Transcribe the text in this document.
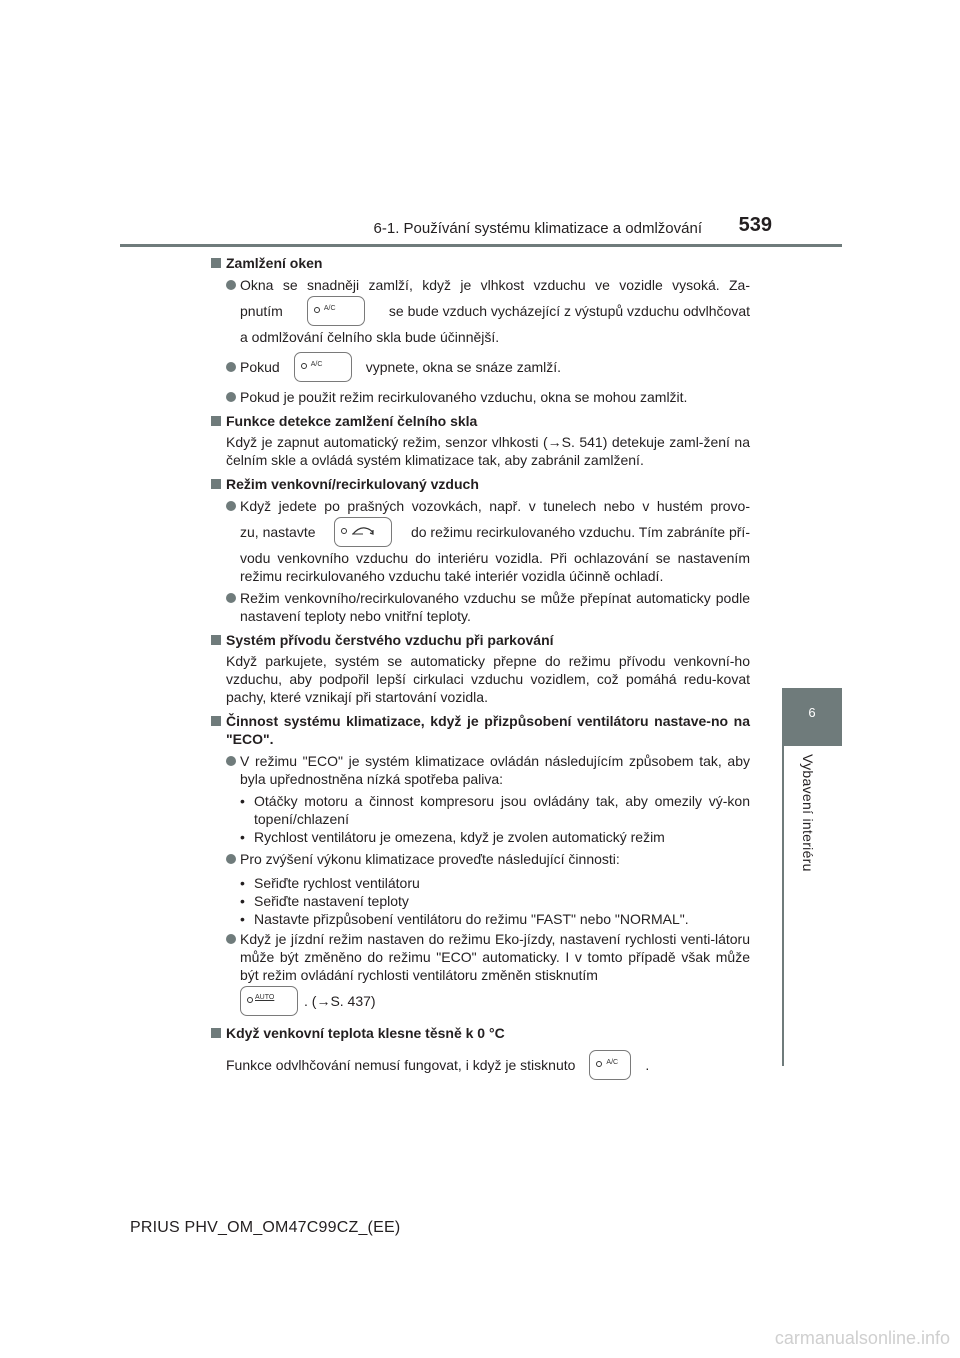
6-1. Používání systému klimatizace a odmlžování 539
6
Vybavení interiéru
Zamlžení oken
Okna se snadněji zamlží, když je vlhkost vzduchu ve vozidle vysoká. Za-
pnutím	A/C	se bude vzduch vycházející z výstupů vzduchu odvlhčovat
a odmlžování čelního skla bude účinnější.
Pokud	A/C	vypnete, okna se snáze zamlží.
Pokud je použit režim recirkulovaného vzduchu, okna se mohou zamlžit.
Funkce detekce zamlžení čelního skla
Když je zapnut automatický režim, senzor vlhkosti (→S. 541) detekuje zaml-žení na čelním skle a ovládá systém klimatizace tak, aby zabránil zamlžení.
Režim venkovní/recirkulovaný vzduch
Když jedete po prašných vozovkách, např. v tunelech nebo v hustém provo-
zu, nastavte	do režimu recirkulovaného vzduchu. Tím zabráníte pří-
vodu venkovního vzduchu do interiéru vozidla. Při ochlazování se nastavením režimu recirkulovaného vzduchu také interiér vozidla účinně ochladí.
Režim venkovního/recirkulovaného vzduchu se může přepínat automaticky podle nastavení teploty nebo vnitřní teploty.
Systém přívodu čerstvého vzduchu při parkování
Když parkujete, systém se automaticky přepne do režimu přívodu venkovní-ho vzduchu, aby podpořil lepší cirkulaci vzduchu vozidlem, což pomáhá redu-kovat pachy, které vznikají při startování vozidla.
Činnost systému klimatizace, když je přizpůsobení ventilátoru nastave-no na "ECO".
V režimu "ECO" je systém klimatizace ovládán následujícím způsobem tak, aby byla upřednostněna nízká spotřeba paliva:
• Otáčky motoru a činnost kompresoru jsou ovládány tak, aby omezily vý-kon topení/chlazení
• Rychlost ventilátoru je omezena, když je zvolen automatický režim
Pro zvýšení výkonu klimatizace proveďte následující činnosti:
• Seřiďte rychlost ventilátoru
• Seřiďte nastavení teploty
• Nastavte přizpůsobení ventilátoru do režimu "FAST" nebo "NORMAL".
Když je jízdní režim nastaven do režimu Eko-jízdy, nastavení rychlosti venti-látoru může být změněno do režimu "ECO" automaticky. I v tomto případě však může být režim ovládání rychlosti ventilátoru změněn stisknutím
AUTO . (→S. 437)
Když venkovní teplota klesne těsně k 0 °C
Funkce odvlhčování nemusí fungovat, i když je stisknuto	A/C .
PRIUS PHV_OM_OM47C99CZ_(EE)
carmanualsonline.info
